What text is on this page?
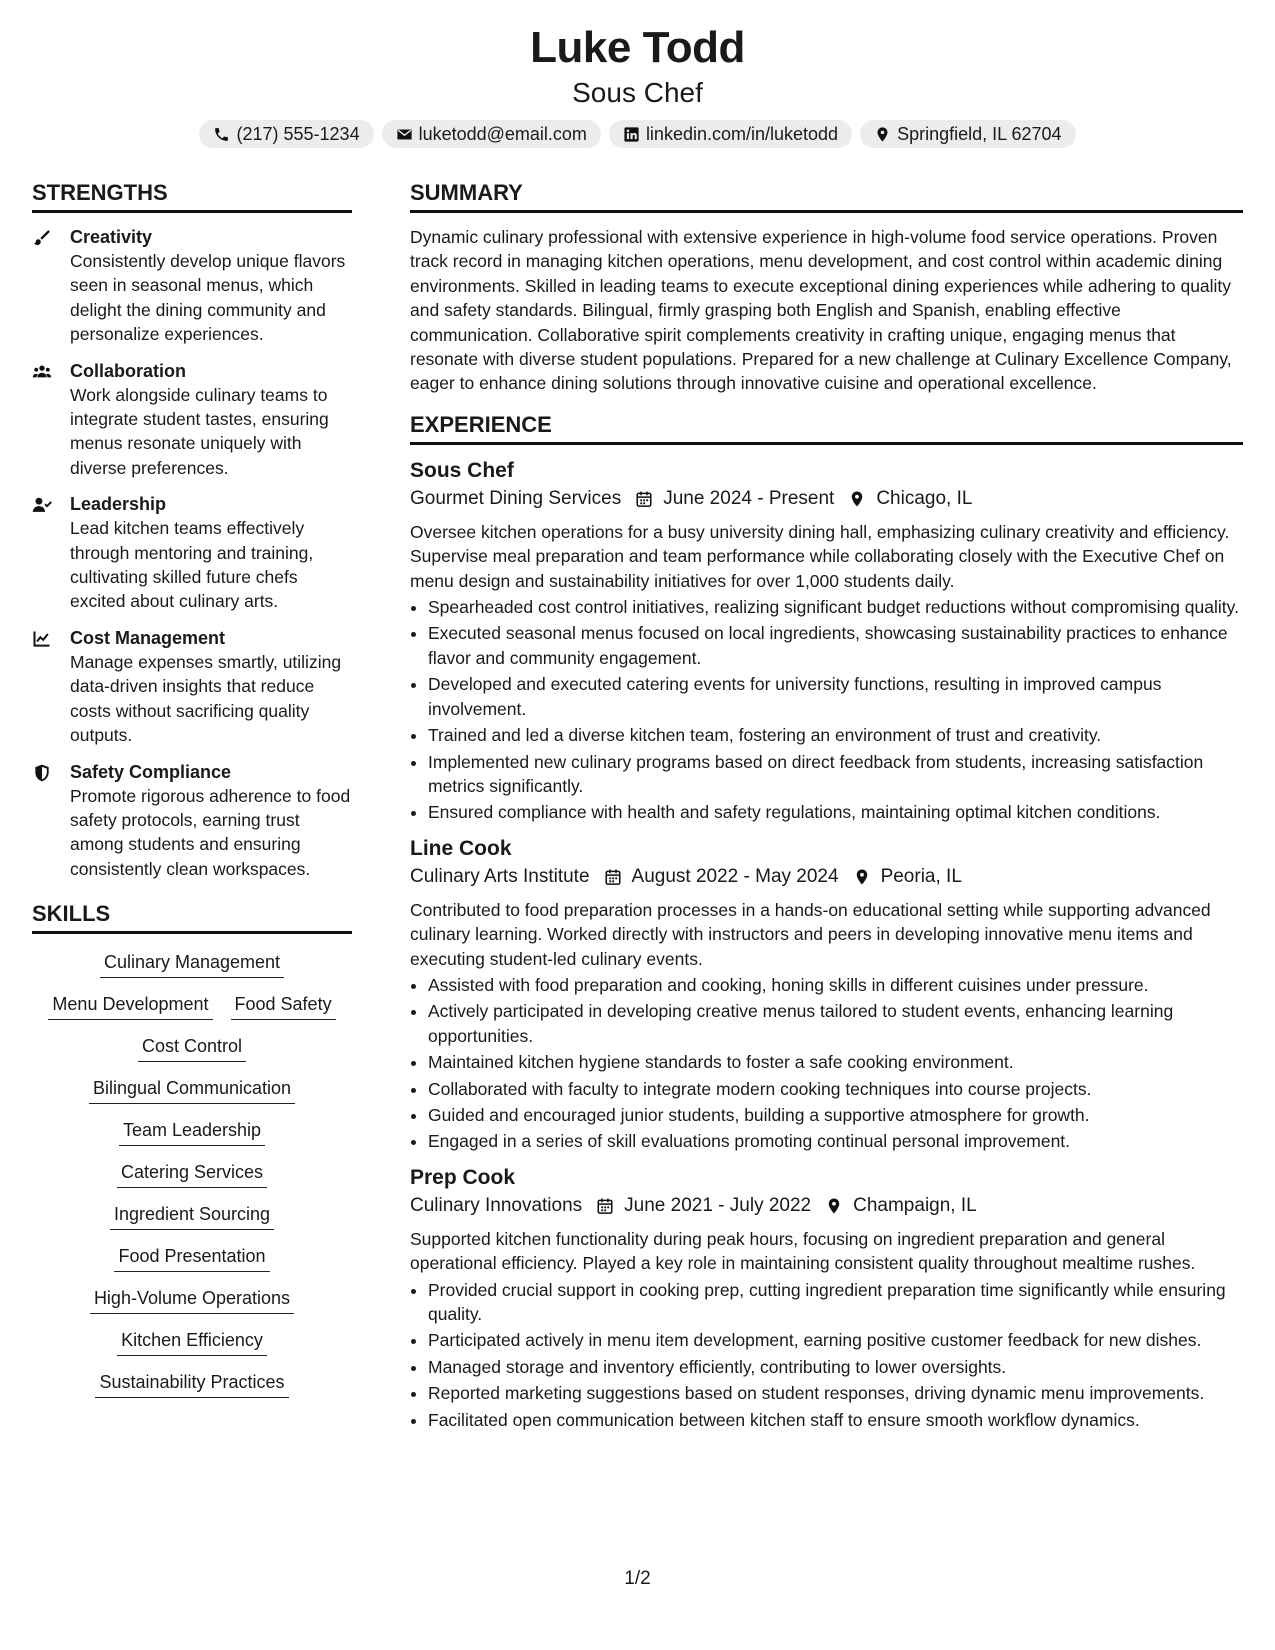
Luke Todd
Sous Chef
(217) 555-1234	luketodd@email.com	linkedin.com/in/luketodd	Springfield, IL 62704
STRENGTHS
Creativity
Consistently develop unique flavors seen in seasonal menus, which delight the dining community and personalize experiences.
Collaboration
Work alongside culinary teams to integrate student tastes, ensuring menus resonate uniquely with diverse preferences.
Leadership
Lead kitchen teams effectively through mentoring and training, cultivating skilled future chefs excited about culinary arts.
Cost Management
Manage expenses smartly, utilizing data-driven insights that reduce costs without sacrificing quality outputs.
Safety Compliance
Promote rigorous adherence to food safety protocols, earning trust among students and ensuring consistently clean workspaces.
SKILLS
Culinary Management
Menu Development Food Safety
Cost Control
Bilingual Communication
Team Leadership
Catering Services
Ingredient Sourcing
Food Presentation
High-Volume Operations
Kitchen Efficiency
Sustainability Practices
SUMMARY
Dynamic culinary professional with extensive experience in high-volume food service operations. Proven track record in managing kitchen operations, menu development, and cost control within academic dining environments. Skilled in leading teams to execute exceptional dining experiences while adhering to quality and safety standards. Bilingual, firmly grasping both English and Spanish, enabling effective communication. Collaborative spirit complements creativity in crafting unique, engaging menus that resonate with diverse student populations. Prepared for a new challenge at Culinary Excellence Company, eager to enhance dining solutions through innovative cuisine and operational excellence.
EXPERIENCE
Sous Chef
Gourmet Dining Services June 2024 - Present Chicago, IL
Oversee kitchen operations for a busy university dining hall, emphasizing culinary creativity and efficiency. Supervise meal preparation and team performance while collaborating closely with the Executive Chef on menu design and sustainability initiatives for over 1,000 students daily.
• Spearheaded cost control initiatives, realizing significant budget reductions without compromising quality.
• Executed seasonal menus focused on local ingredients, showcasing sustainability practices to enhance flavor and community engagement.
• Developed and executed catering events for university functions, resulting in improved campus involvement.
• Trained and led a diverse kitchen team, fostering an environment of trust and creativity.
• Implemented new culinary programs based on direct feedback from students, increasing satisfaction metrics significantly.
• Ensured compliance with health and safety regulations, maintaining optimal kitchen conditions.
Line Cook
Culinary Arts Institute August 2022 - May 2024 Peoria, IL
Contributed to food preparation processes in a hands-on educational setting while supporting advanced culinary learning. Worked directly with instructors and peers in developing innovative menu items and executing student-led culinary events.
• Assisted with food preparation and cooking, honing skills in different cuisines under pressure.
• Actively participated in developing creative menus tailored to student events, enhancing learning opportunities.
• Maintained kitchen hygiene standards to foster a safe cooking environment.
• Collaborated with faculty to integrate modern cooking techniques into course projects.
• Guided and encouraged junior students, building a supportive atmosphere for growth.
• Engaged in a series of skill evaluations promoting continual personal improvement.
Prep Cook
Culinary Innovations June 2021 - July 2022 Champaign, IL
Supported kitchen functionality during peak hours, focusing on ingredient preparation and general operational efficiency. Played a key role in maintaining consistent quality throughout mealtime rushes.
• Provided crucial support in cooking prep, cutting ingredient preparation time significantly while ensuring quality.
• Participated actively in menu item development, earning positive customer feedback for new dishes.
• Managed storage and inventory efficiently, contributing to lower oversights.
• Reported marketing suggestions based on student responses, driving dynamic menu improvements.
• Facilitated open communication between kitchen staff to ensure smooth workflow dynamics.
1/2
